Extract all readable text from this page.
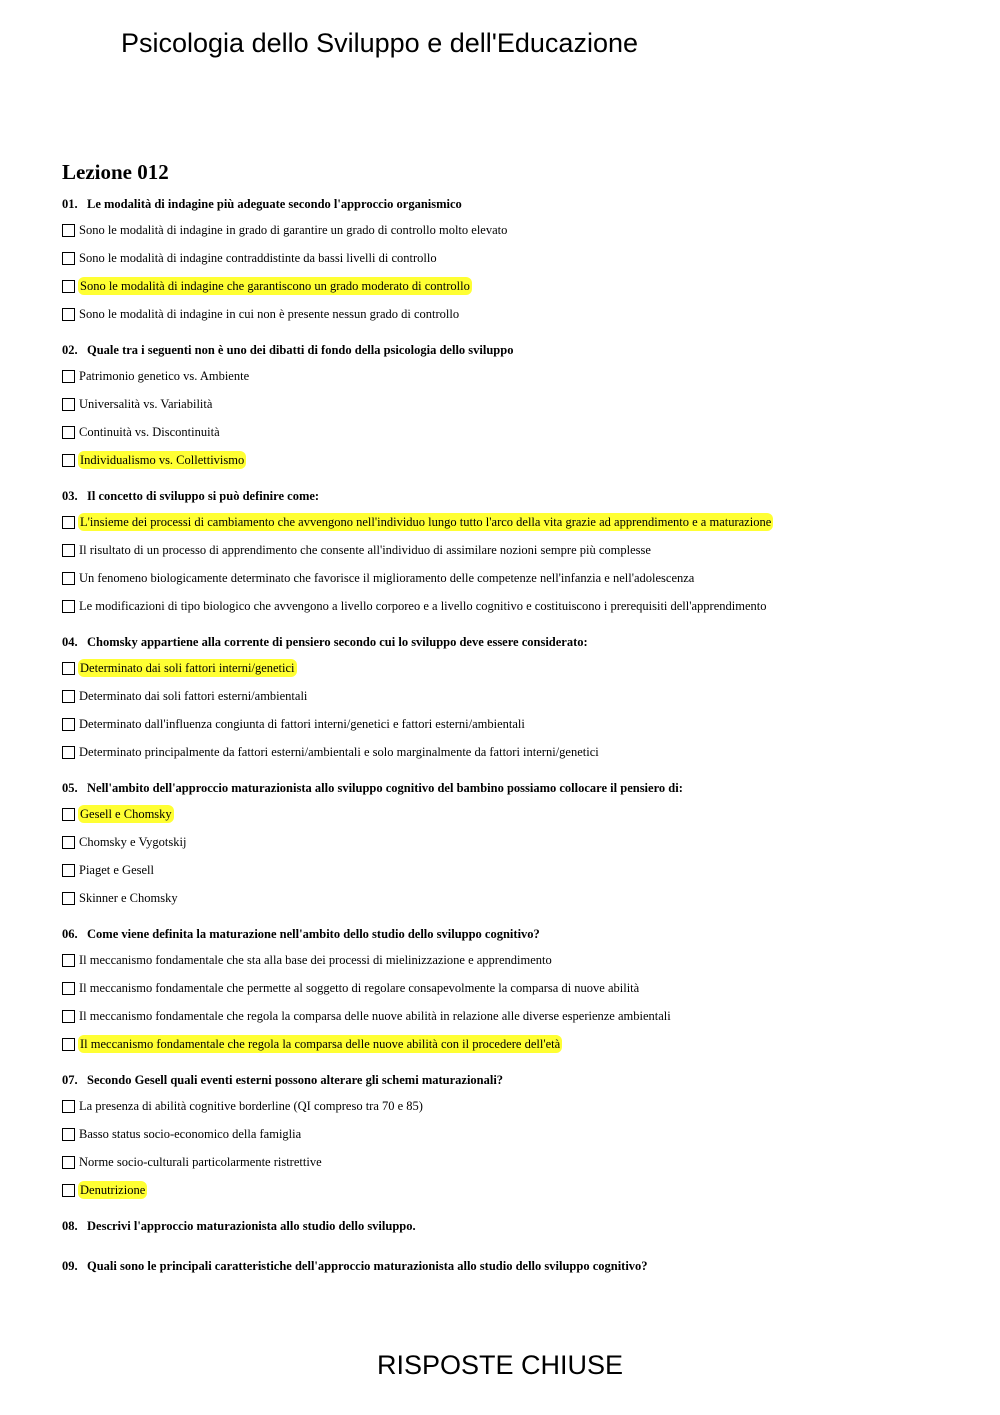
Psicologia dello Sviluppo e dell'Educazione
Lezione 012
01. Le modalità di indagine più adeguate secondo l'approccio organismico
Sono le modalità di indagine in grado di garantire un grado di controllo molto elevato
Sono le modalità di indagine contraddistinte da bassi livelli di controllo
Sono le modalità di indagine che garantiscono un grado moderato di controllo
Sono le modalità di indagine in cui non è presente nessun grado di controllo
02. Quale tra i seguenti non è uno dei dibatti di fondo della psicologia dello sviluppo
Patrimonio genetico vs. Ambiente
Universalità vs. Variabilità
Continuità vs. Discontinuità
Individualismo vs. Collettivismo
03. Il concetto di sviluppo si può definire come:
L'insieme dei processi di cambiamento che avvengono nell'individuo lungo tutto l'arco della vita grazie ad apprendimento e a maturazione
Il risultato di un processo di apprendimento che consente all'individuo di assimilare nozioni sempre più complesse
Un fenomeno biologicamente determinato che favorisce il miglioramento delle competenze nell'infanzia e nell'adolescenza
Le modificazioni di tipo biologico che avvengono a livello corporeo e a livello cognitivo e costituiscono i prerequisiti dell'apprendimento
04. Chomsky appartiene alla corrente di pensiero secondo cui lo sviluppo deve essere considerato:
Determinato dai soli fattori interni/genetici
Determinato dai soli fattori esterni/ambientali
Determinato dall'influenza congiunta di fattori interni/genetici e fattori esterni/ambientali
Determinato principalmente da fattori esterni/ambientali e solo marginalmente da fattori interni/genetici
05. Nell'ambito dell'approccio maturazionista allo sviluppo cognitivo del bambino possiamo collocare il pensiero di:
Gesell e Chomsky
Chomsky e Vygotskij
Piaget e Gesell
Skinner e Chomsky
06. Come viene definita la maturazione nell'ambito dello studio dello sviluppo cognitivo?
Il meccanismo fondamentale che sta alla base dei processi di mielinizzazione e apprendimento
Il meccanismo fondamentale che permette al soggetto di regolare consapevolmente la comparsa di nuove abilità
Il meccanismo fondamentale che regola la comparsa delle nuove abilità in relazione alle diverse esperienze ambientali
Il meccanismo fondamentale che regola la comparsa delle nuove abilità con il procedere dell'età
07. Secondo Gesell quali eventi esterni possono alterare gli schemi maturazionali?
La presenza di abilità cognitive borderline (QI compreso tra 70 e 85)
Basso status socio-economico della famiglia
Norme socio-culturali particolarmente ristrettive
Denutrizione
08. Descrivi l'approccio maturazionista allo studio dello sviluppo.
09. Quali sono le principali caratteristiche dell'approccio maturazionista allo studio dello sviluppo cognitivo?
RISPOSTE CHIUSE
